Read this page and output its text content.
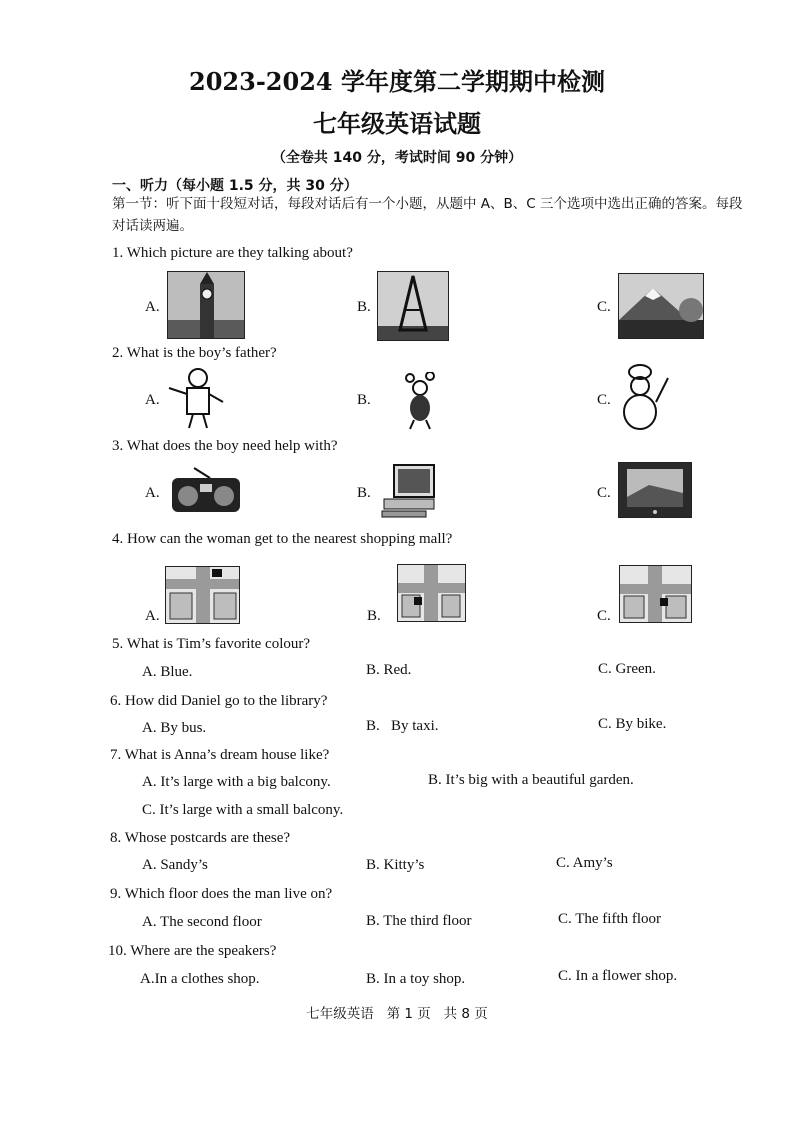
2023-2024 学年度第二学期期中检测
七年级英语试题
（全卷共 140 分，考试时间 90 分钟）
一、听力（每小题 1.5 分，共 30 分）
第一节：听下面十段短对话，每段对话后有一个小题，从题中 A、B、C 三个选项中选出正确的答案。每段对话读两遍。
1. Which picture are they talking about?
A.	B.	C.
2. What is the boy’s father?
A.	B.	C.
3. What does the boy need help with?
A.	B.	C.
4. How can the woman get to the nearest shopping mall?
A.	B.	C.
5. What is Tim’s favorite colour?
A. Blue.	B. Red.	C. Green.
6. How did Daniel go to the library?
A. By bus.	B.   By taxi.	C. By bike.
7. What is Anna’s dream house like?
A. It’s large with a big balcony.	B. It’s big with a beautiful garden.
C. It’s large with a small balcony.
8. Whose postcards are these?
A. Sandy’s	B. Kitty’s	C. Amy’s
9. Which floor does the man live on?
A. The second floor	B. The third floor	C. The fifth floor
10. Where are the speakers?
A.In a clothes shop.	B. In a toy shop.	C. In a flower shop.
七年级英语   第 1 页   共 8 页
